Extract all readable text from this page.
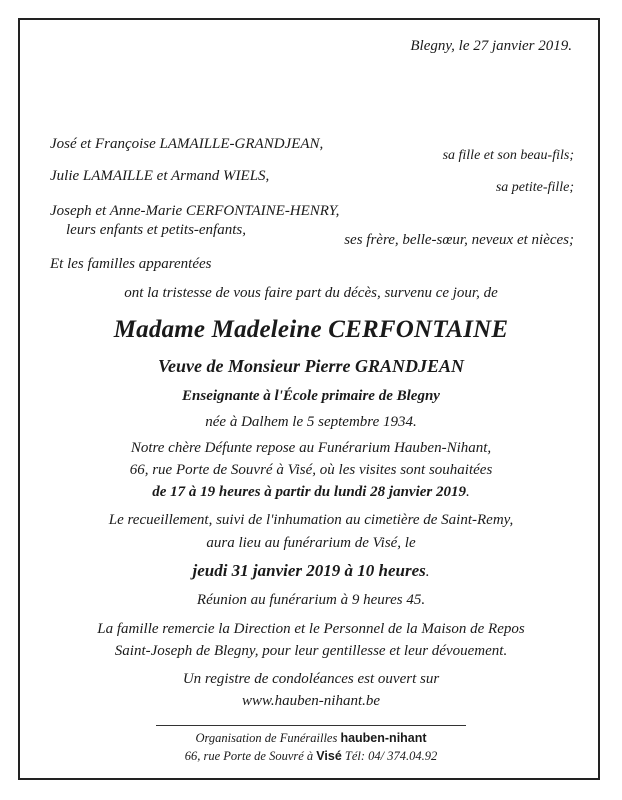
Blegny, le 27 janvier 2019.
José et Françoise LAMAILLE-GRANDJEAN,
sa fille et son beau-fils;
Julie LAMAILLE et Armand WIELS,
sa petite-fille;
Joseph et Anne-Marie CERFONTAINE-HENRY,
leurs enfants et petits-enfants,
ses frère, belle-sœur, neveux et nièces;
Et les familles apparentées
ont la tristesse de vous faire part du décès, survenu ce jour, de
Madame Madeleine CERFONTAINE
Veuve de Monsieur Pierre GRANDJEAN
Enseignante à l'École primaire de Blegny
née à Dalhem le 5 septembre 1934.
Notre chère Défunte repose au Funérarium Hauben-Nihant,
66, rue Porte de Souvré à Visé, où les visites sont souhaitées
de 17 à 19 heures à partir du lundi 28 janvier 2019.
Le recueillement, suivi de l'inhumation au cimetière de Saint-Remy,
aura lieu au funérarium de Visé, le
jeudi 31 janvier 2019 à 10 heures.
Réunion au funérarium à 9 heures 45.
La famille remercie la Direction et le Personnel de la Maison de Repos
Saint-Joseph de Blegny, pour leur gentillesse et leur dévouement.
Un registre de condoléances est ouvert sur
www.hauben-nihant.be
Organisation de Funérailles hauben-nihant
66, rue Porte de Souvré à Visé Tél: 04/ 374.04.92
